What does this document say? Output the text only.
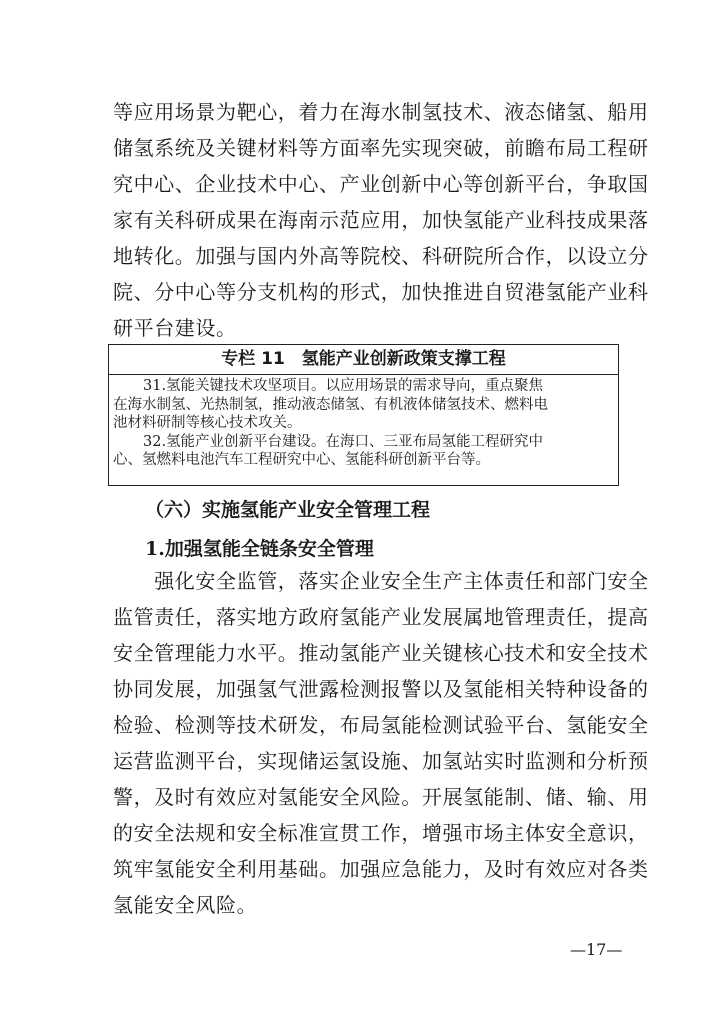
等应用场景为靶心，着力在海水制氢技术、液态储氢、船用
储氢系统及关键材料等方面率先实现突破，前瞻布局工程研
究中心、企业技术中心、产业创新中心等创新平台，争取国
家有关科研成果在海南示范应用，加快氢能产业科技成果落
地转化。加强与国内外高等院校、科研院所合作，以设立分
院、分中心等分支机构的形式，加快推进自贸港氢能产业科
研平台建设。
专栏 11　氢能产业创新政策支撑工程
31.氢能关键技术攻坚项目。以应用场景的需求导向，重点聚焦
在海水制氢、光热制氢，推动液态储氢、有机液体储氢技术、燃料电
池材料研制等核心技术攻关。
32.氢能产业创新平台建设。在海口、三亚布局氢能工程研究中
心、氢燃料电池汽车工程研究中心、氢能科研创新平台等。
（六）实施氢能产业安全管理工程
1.加强氢能全链条安全管理
　　强化安全监管，落实企业安全生产主体责任和部门安全
监管责任，落实地方政府氢能产业发展属地管理责任，提高
安全管理能力水平。推动氢能产业关键核心技术和安全技术
协同发展，加强氢气泄露检测报警以及氢能相关特种设备的
检验、检测等技术研发，布局氢能检测试验平台、氢能安全
运营监测平台，实现储运氢设施、加氢站实时监测和分析预
警，及时有效应对氢能安全风险。开展氢能制、储、输、用
的安全法规和安全标准宣贯工作，增强市场主体安全意识，
筑牢氢能安全利用基础。加强应急能力，及时有效应对各类
氢能安全风险。
—17—
